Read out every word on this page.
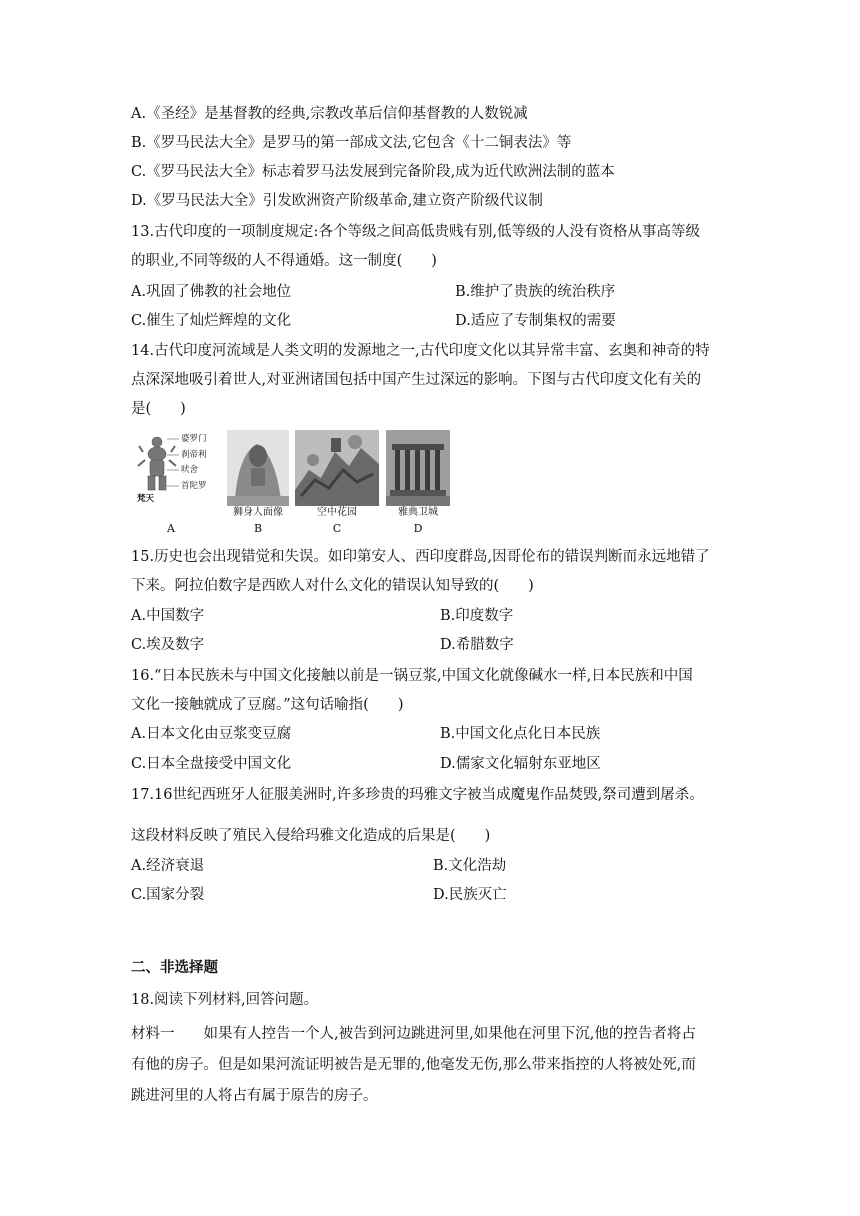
A.《圣经》是基督教的经典,宗教改革后信仰基督教的人数锐减
B.《罗马民法大全》是罗马的第一部成文法,它包含《十二铜表法》等
C.《罗马民法大全》标志着罗马法发展到完备阶段,成为近代欧洲法制的蓝本
D.《罗马民法大全》引发欧洲资产阶级革命,建立资产阶级代议制
13.古代印度的一项制度规定:各个等级之间高低贵贱有别,低等级的人没有资格从事高等级
的职业,不同等级的人不得通婚。这一制度(　　)
A.巩固了佛教的社会地位	B.维护了贵族的统治秩序
C.催生了灿烂辉煌的文化	D.适应了专制集权的需要
14.古代印度河流域是人类文明的发源地之一,古代印度文化以其异常丰富、玄奥和神奇的特
点深深地吸引着世人,对亚洲诸国包括中国产生过深远的影响。下图与古代印度文化有关的
是(　　)
婆罗门
刹帝利
吠舍
首陀罗
梵天
狮身人面像	空中花园	雅典卫城
A	B	C	D
15.历史也会出现错觉和失误。如印第安人、西印度群岛,因哥伦布的错误判断而永远地错了
下来。阿拉伯数字是西欧人对什么文化的错误认知导致的(　　)
A.中国数字	B.印度数字
C.埃及数字	D.希腊数字
16.“日本民族未与中国文化接触以前是一锅豆浆,中国文化就像碱水一样,日本民族和中国
文化一接触就成了豆腐。”这句话喻指(　　)
A.日本文化由豆浆变豆腐	B.中国文化点化日本民族
C.日本全盘接受中国文化	D.儒家文化辐射东亚地区
17.16世纪西班牙人征服美洲时,许多珍贵的玛雅文字被当成魔鬼作品焚毁,祭司遭到屠杀。
这段材料反映了殖民入侵给玛雅文化造成的后果是(　　)
A.经济衰退	B.文化浩劫
C.国家分裂	D.民族灭亡
二、非选择题
18.阅读下列材料,回答问题。
材料一　　如果有人控告一个人,被告到河边跳进河里,如果他在河里下沉,他的控告者将占
有他的房子。但是如果河流证明被告是无罪的,他毫发无伤,那么带来指控的人将被处死,而
跳进河里的人将占有属于原告的房子。
